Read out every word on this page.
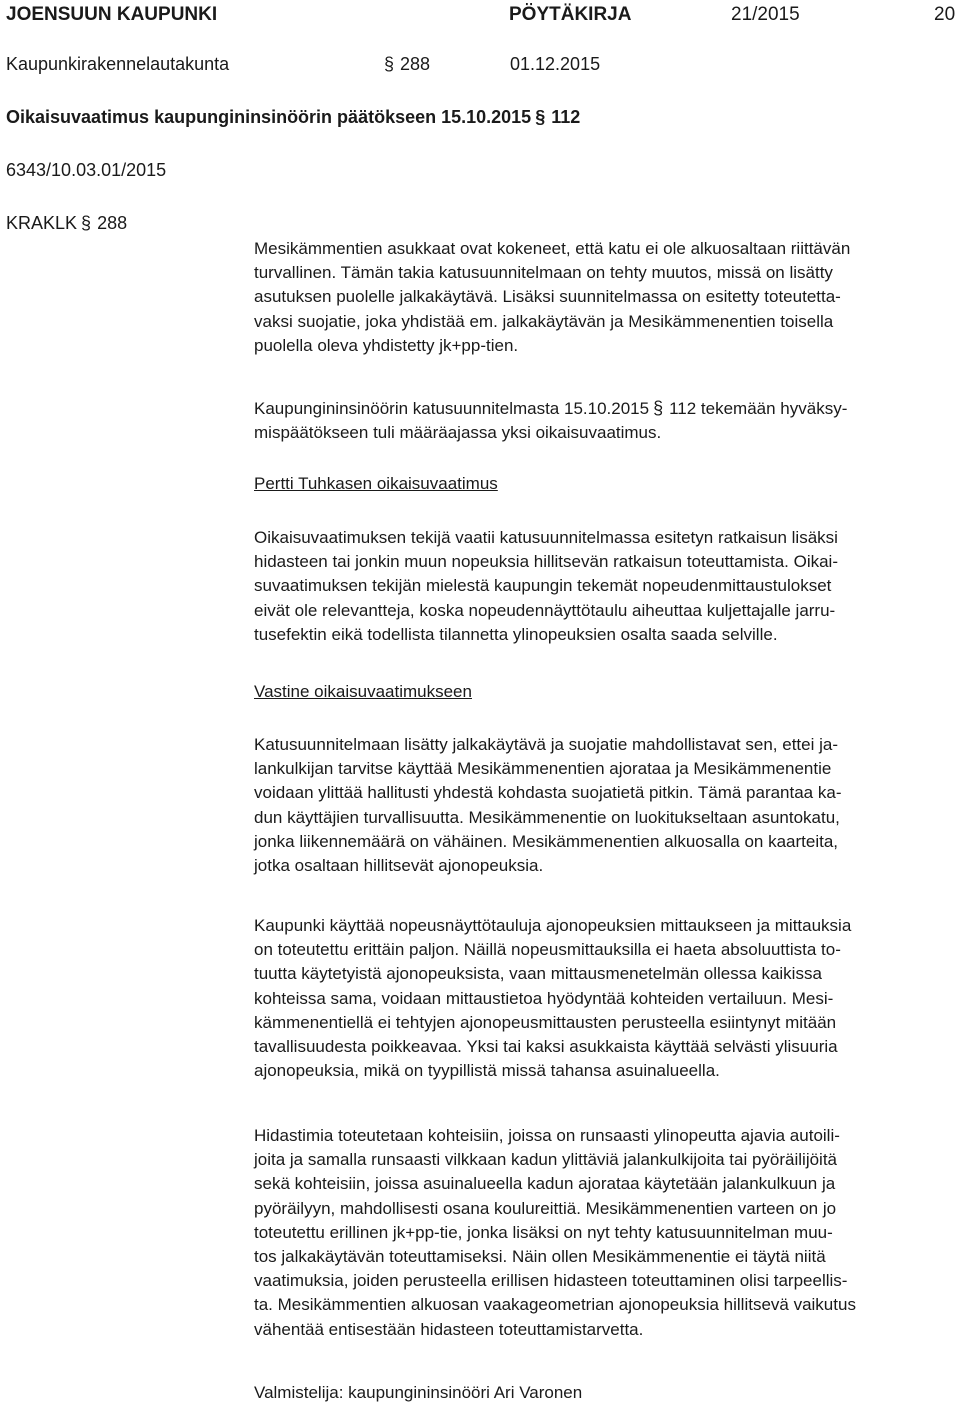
JOENSUUN KAUPUNKI	PÖYTÄKIRJA	21/2015	20
Kaupunkirakennelautakunta	§ 288	01.12.2015
Oikaisuvaatimus kaupungininsinöörin päätökseen 15.10.2015 § 112
6343/10.03.01/2015
KRAKLK § 288

Mesikämmentien asukkaat ovat kokeneet, että katu ei ole alkuosaltaan riittävän

turvallinen. Tämän takia katusuunnitelmaan on tehty muutos, missä on lisätty

asutuksen puolelle jalkakäytävä. Lisäksi suunnitelmassa on esitetty toteutetta-

vaksi suojatie, joka yhdistää em. jalkakäytävän ja Mesikämmenentien toisella

puolella oleva yhdistetty jk+pp-tien.

Kaupungininsinöörin katusuunnitelmasta 15.10.2015 § 112 tekemään hyväksy-

mispäätökseen tuli määräajassa yksi oikaisuvaatimus.

Pertti Tuhkasen oikaisuvaatimus

Oikaisuvaatimuksen tekijä vaatii katusuunnitelmassa esitetyn ratkaisun lisäksi

hidasteen tai jonkin muun nopeuksia hillitsevän ratkaisun toteuttamista. Oikai-

suvaatimuksen tekijän mielestä kaupungin tekemät nopeudenmittaustulokset

eivät ole relevantteja, koska nopeudennäyttötaulu aiheuttaa kuljettajalle jarru-

tusefektin eikä todellista tilannetta ylinopeuksien osalta saada selville.

Vastine oikaisuvaatimukseen

Katusuunnitelmaan lisätty jalkakäytävä ja suojatie mahdollistavat sen, ettei ja-

lankulkijan tarvitse käyttää Mesikämmenentien ajorataa ja Mesikämmenentie

voidaan ylittää hallitusti yhdestä kohdasta suojatietä pitkin. Tämä parantaa ka-

dun käyttäjien turvallisuutta. Mesikämmenentie on luokitukseltaan asuntokatu,

jonka liikennemäärä on vähäinen. Mesikämmenentien alkuosalla on kaarteita,

jotka osaltaan hillitsevät ajonopeuksia.

Kaupunki käyttää nopeusnäyttötauluja ajonopeuksien mittaukseen ja mittauksia

on toteutettu erittäin paljon. Näillä nopeusmittauksilla ei haeta absoluuttista to-

tuutta käytetyistä ajonopeuksista, vaan mittausmenetelmän ollessa kaikissa

kohteissa sama, voidaan mittaustietoa hyödyntää kohteiden vertailuun. Mesi-

kämmenentiellä ei tehtyjen ajonopeusmittausten perusteella esiintynyt mitään

tavallisuudesta poikkeavaa. Yksi tai kaksi asukkaista käyttää selvästi ylisuuria

ajonopeuksia, mikä on tyypillistä missä tahansa asuinalueella.

Hidastimia toteutetaan kohteisiin, joissa on runsaasti ylinopeutta ajavia autoili-

joita ja samalla runsaasti vilkkaan kadun ylittäviä jalankulkijoita tai pyöräilijöitä

sekä kohteisiin, joissa asuinalueella kadun ajorataa käytetään jalankulkuun ja

pyöräilyyn, mahdollisesti osana koulureittiä. Mesikämmenentien varteen on jo

toteutettu erillinen jk+pp-tie, jonka lisäksi on nyt tehty katusuunnitelman muu-

tos jalkakäytävän toteuttamiseksi. Näin ollen Mesikämmenentie ei täytä niitä

vaatimuksia, joiden perusteella erillisen hidasteen toteuttaminen olisi tarpeellis-

ta. Mesikämmentien alkuosan vaakageometrian ajonopeuksia hillitsevä vaikutus

vähentää entisestään hidasteen toteuttamistarvetta.

Valmistelija: kaupungininsinööri Ari Varonen
